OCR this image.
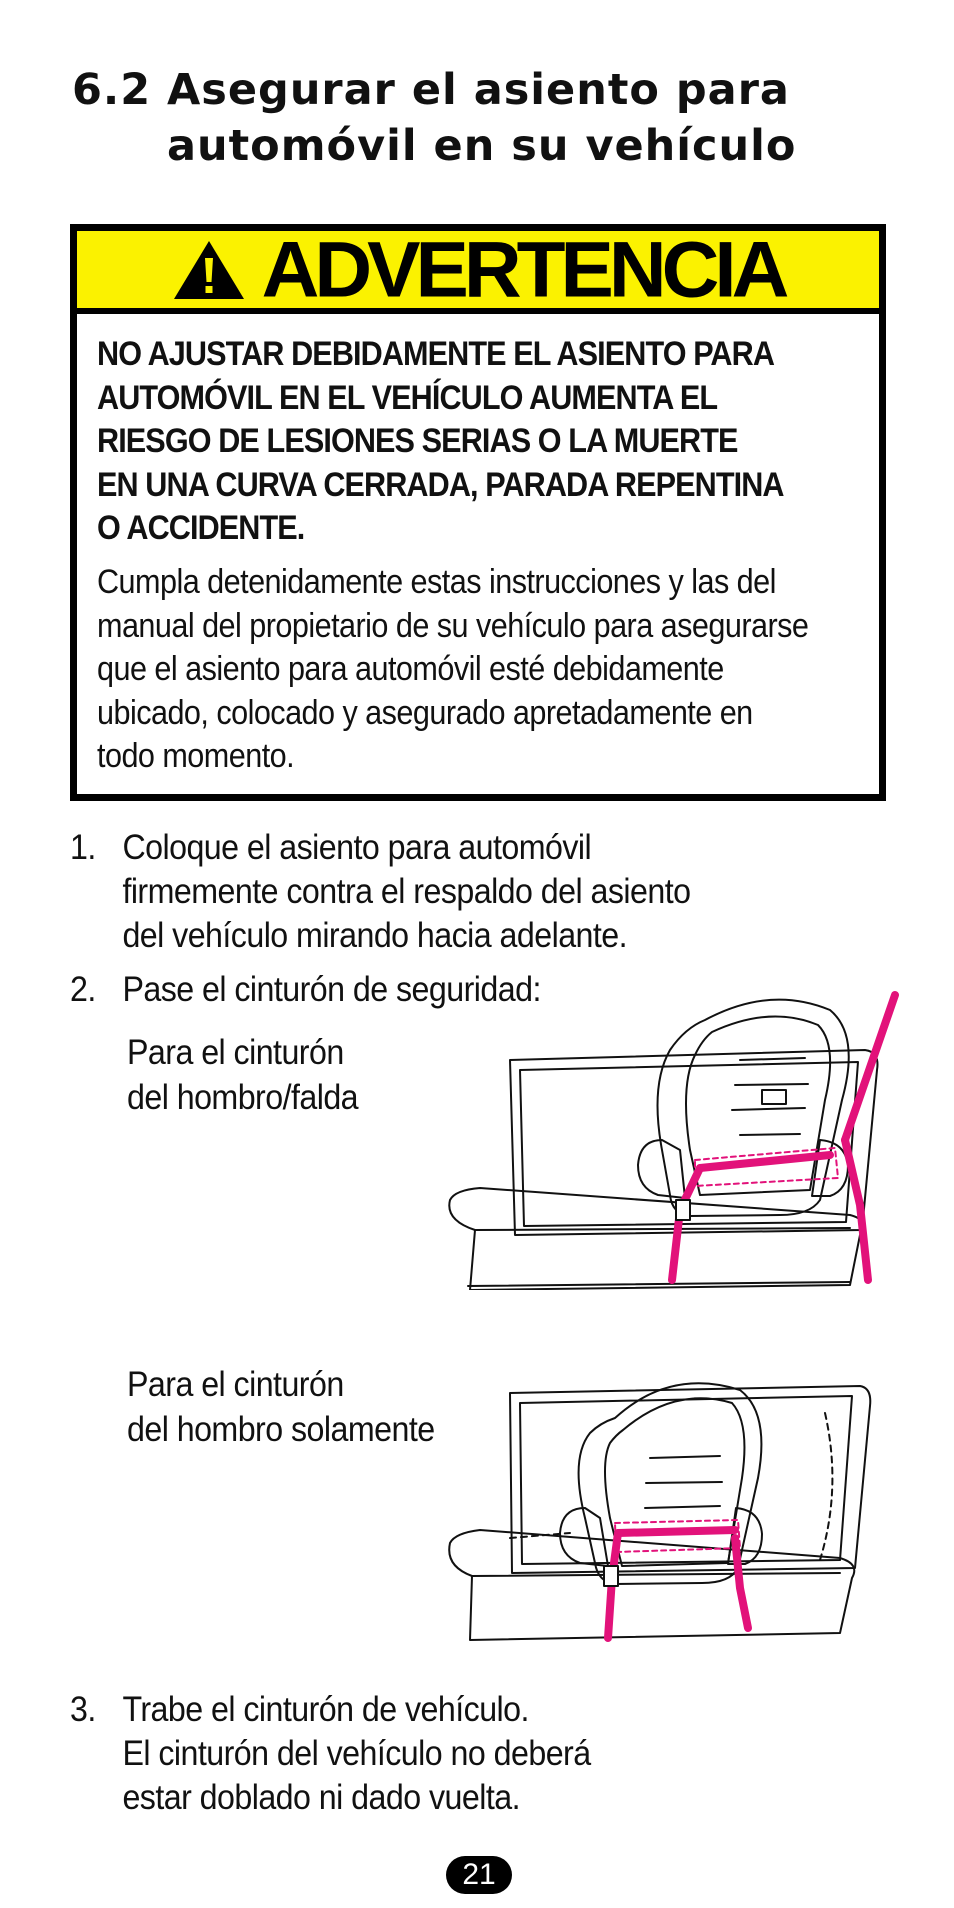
6.2 Asegurar el asiento para
automóvil en su vehículo
ADVERTENCIA
NO AJUSTAR DEBIDAMENTE EL ASIENTO PARA
AUTOMÓVIL EN EL VEHÍCULO AUMENTA EL
RIESGO DE LESIONES SERIAS O LA MUERTE
EN UNA CURVA CERRADA, PARADA REPENTINA
O ACCIDENTE.
Cumpla detenidamente estas instrucciones y las del
manual del propietario de su vehículo para asegurarse
que el asiento para automóvil esté debidamente
ubicado, colocado y asegurado apretadamente en
todo momento.
1. Coloque el asiento para automóvil
firmemente contra el respaldo del asiento
del vehículo mirando hacia adelante.
2. Pase el cinturón de seguridad:
Para el cinturón
del hombro/falda
Para el cinturón
del hombro solamente
3. Trabe el cinturón de vehículo.
El cinturón del vehículo no deberá
estar doblado ni dado vuelta.
21
